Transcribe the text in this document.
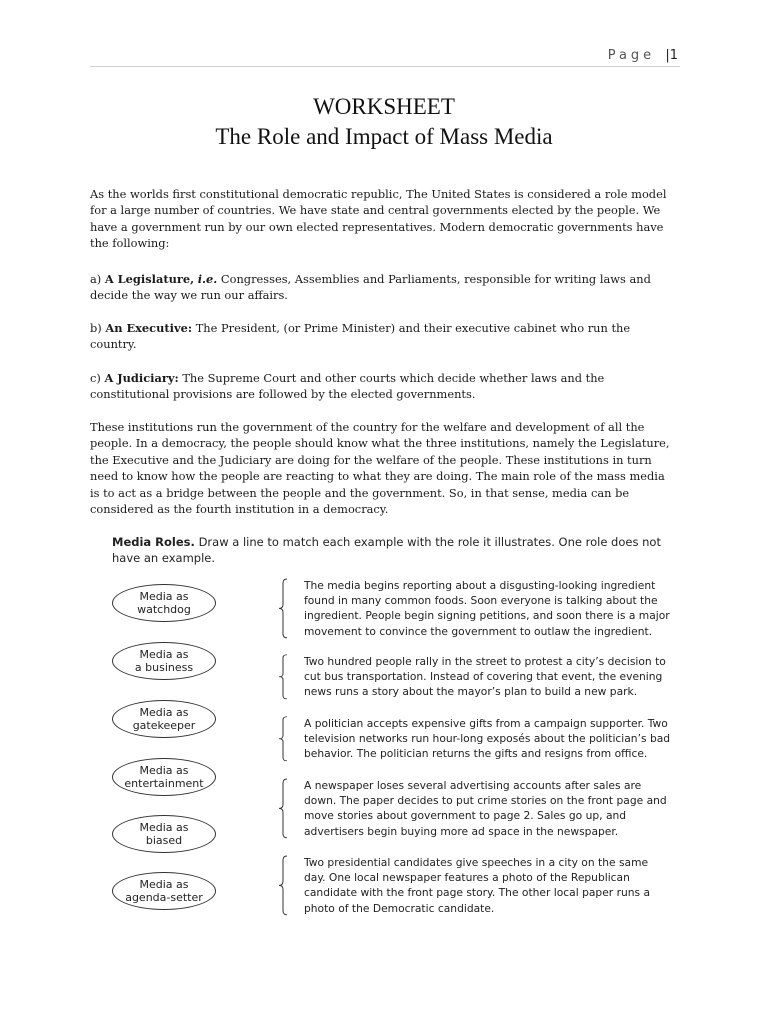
Page |1
WORKSHEET
The Role and Impact of Mass Media

As the worlds first constitutional democratic republic, The United States is considered a role model for a large number of countries. We have state and central governments elected by the people. We have a government run by our own elected representatives. Modern democratic governments have the following:

a) A Legislature, i.e. Congresses, Assemblies and Parliaments, responsible for writing laws and decide the way we run our affairs.

b) An Executive: The President, (or Prime Minister) and their executive cabinet who run the country.

c) A Judiciary: The Supreme Court and other courts which decide whether laws and the constitutional provisions are followed by the elected governments.

These institutions run the government of the country for the welfare and development of all the people. In a democracy, the people should know what the three institutions, namely the Legislature, the Executive and the Judiciary are doing for the welfare of the people. These institutions in turn need to know how the people are reacting to what they are doing. The main role of the mass media is to act as a bridge between the people and the government. So, in that sense, media can be considered as the fourth institution in a democracy.

Media Roles. Draw a line to match each example with the role it illustrates. One role does not have an example.

Media as
watchdog
Media as
a business
Media as
gatekeeper
Media as
entertainment
Media as
biased
Media as
agenda-setter

The media begins reporting about a disgusting-looking ingredient found in many common foods. Soon everyone is talking about the ingredient. People begin signing petitions, and soon there is a major movement to convince the government to outlaw the ingredient.

Two hundred people rally in the street to protest a city’s decision to cut bus transportation. Instead of covering that event, the evening news runs a story about the mayor’s plan to build a new park.

A politician accepts expensive gifts from a campaign supporter. Two television networks run hour-long exposés about the politician’s bad behavior. The politician returns the gifts and resigns from office.

A newspaper loses several advertising accounts after sales are down. The paper decides to put crime stories on the front page and move stories about government to page 2. Sales go up, and advertisers begin buying more ad space in the newspaper.

Two presidential candidates give speeches in a city on the same day. One local newspaper features a photo of the Republican candidate with the front page story. The other local paper runs a photo of the Democratic candidate.
